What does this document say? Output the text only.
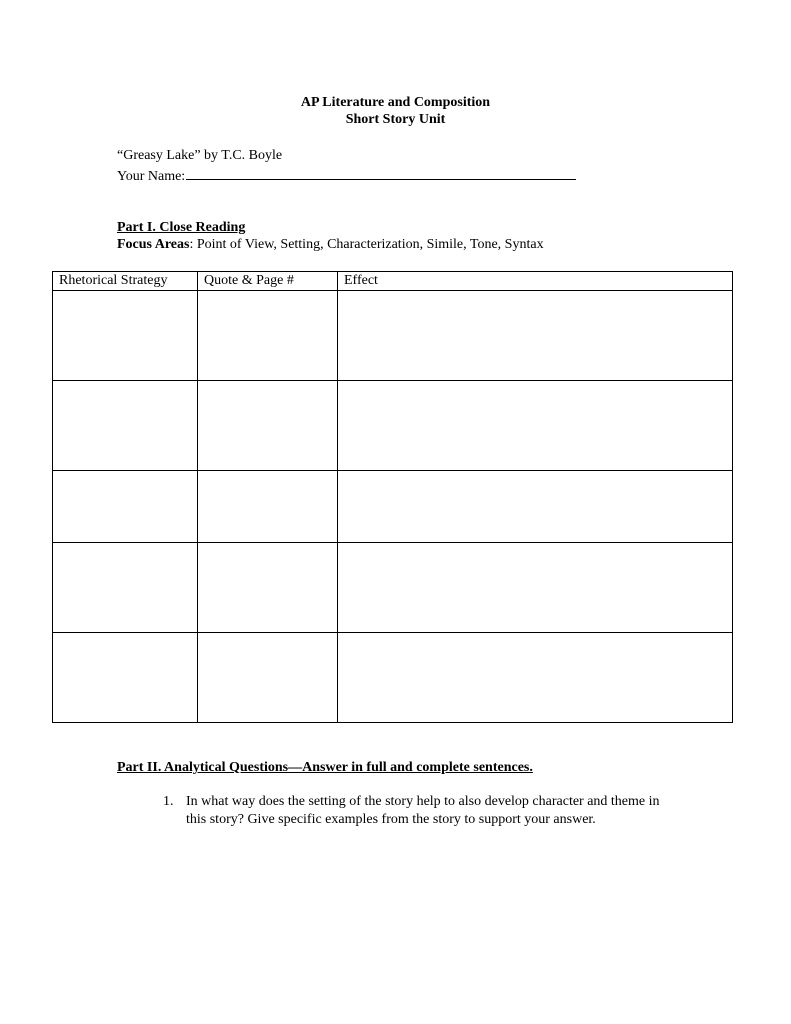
AP Literature and Composition
Short Story Unit
“Greasy Lake” by T.C. Boyle
Your Name:
Part I. Close Reading
Focus Areas: Point of View, Setting, Characterization, Simile, Tone, Syntax
Rhetorical Strategy	Quote & Page #	Effect

Part II. Analytical Questions—Answer in full and complete sentences.
1. In what way does the setting of the story help to also develop character and theme in this story? Give specific examples from the story to support your answer.
